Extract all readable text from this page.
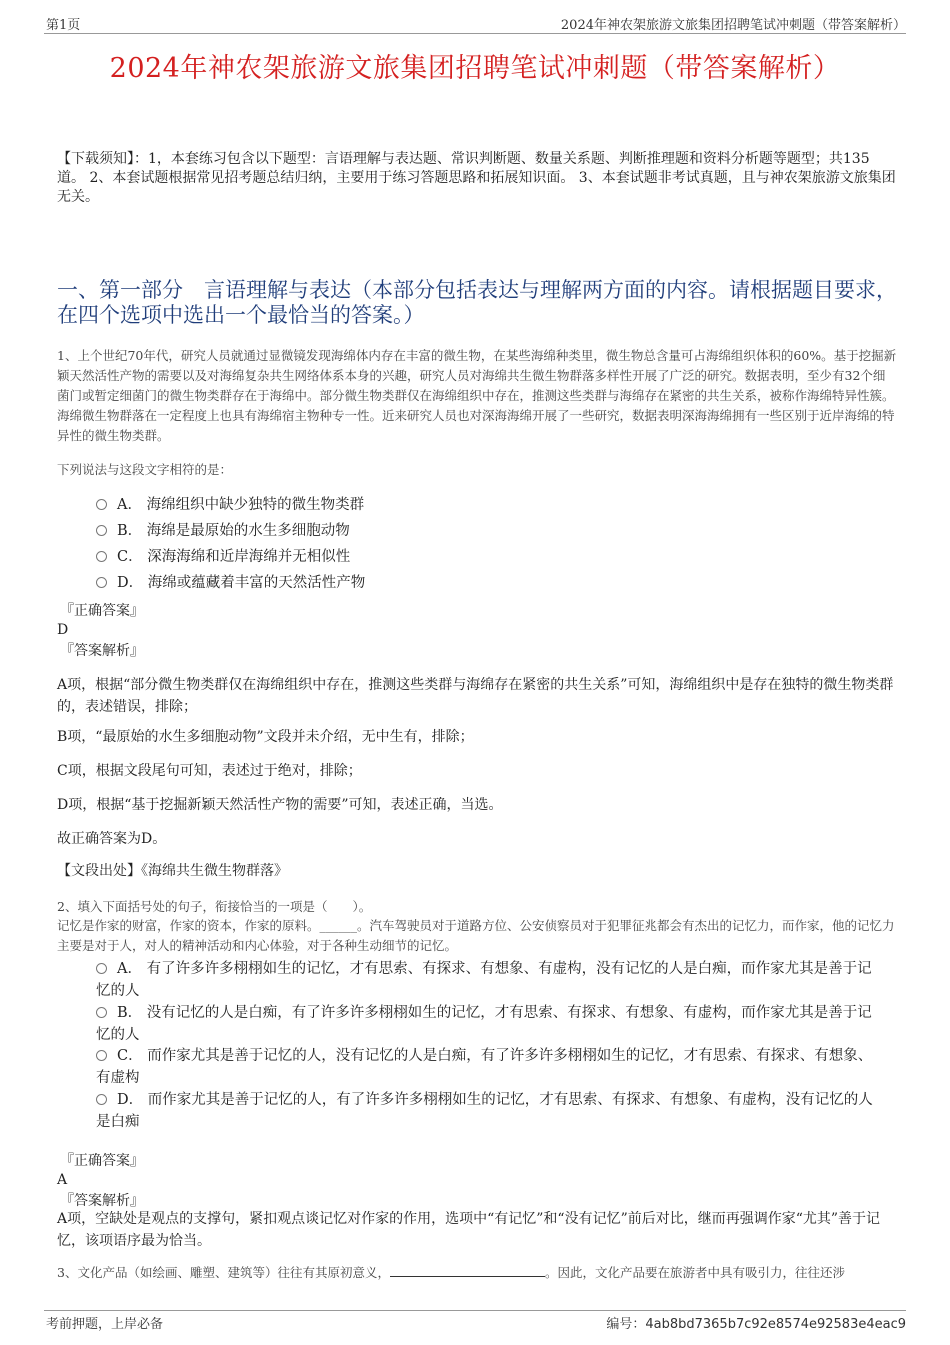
第1页	2024年神农架旅游文旅集团招聘笔试冲刺题（带答案解析）
2024年神农架旅游文旅集团招聘笔试冲刺题（带答案解析）
【下载须知】：1，本套练习包含以下题型：言语理解与表达题、常识判断题、数量关系题、判断推理题和资料分析题等题型；共135道。 2、本套试题根据常见招考题总结归纳，主要用于练习答题思路和拓展知识面。 3、本套试题非考试真题，且与神农架旅游文旅集团无关。
一、第一部分　言语理解与表达（本部分包括表达与理解两方面的内容。请根据题目要求，在四个选项中选出一个最恰当的答案。）
1、上个世纪70年代，研究人员就通过显微镜发现海绵体内存在丰富的微生物，在某些海绵种类里，微生物总含量可占海绵组织体积的60%。基于挖掘新颖天然活性产物的需要以及对海绵复杂共生网络体系本身的兴趣，研究人员对海绵共生微生物群落多样性开展了广泛的研究。数据表明，至少有32个细菌门或暂定细菌门的微生物类群存在于海绵中。部分微生物类群仅在海绵组织中存在，推测这些类群与海绵存在紧密的共生关系，被称作海绵特异性簇。海绵微生物群落在一定程度上也具有海绵宿主物种专一性。近来研究人员也对深海海绵开展了一些研究，数据表明深海海绵拥有一些区别于近岸海绵的特异性的微生物类群。
下列说法与这段文字相符的是：
A． 海绵组织中缺少独特的微生物类群
B． 海绵是最原始的水生多细胞动物
C． 深海海绵和近岸海绵并无相似性
D． 海绵或蕴藏着丰富的天然活性产物
『正确答案』
D
『答案解析』
A项，根据“部分微生物类群仅在海绵组织中存在，推测这些类群与海绵存在紧密的共生关系”可知，海绵组织中是存在独特的微生物类群的，表述错误，排除；
B项，“最原始的水生多细胞动物”文段并未介绍，无中生有，排除；
C项，根据文段尾句可知，表述过于绝对，排除；
D项，根据“基于挖掘新颖天然活性产物的需要”可知，表述正确，当选。
故正确答案为D。
【文段出处】《海绵共生微生物群落》
2、填入下面括号处的句子，衔接恰当的一项是（　　）。
记忆是作家的财富，作家的资本，作家的原料。______。汽车驾驶员对于道路方位、公安侦察员对于犯罪征兆都会有杰出的记忆力，而作家，他的记忆力主要是对于人，对人的精神活动和内心体验，对于各种生动细节的记忆。
A． 有了许多许多栩栩如生的记忆，才有思索、有探求、有想象、有虚构，没有记忆的人是白痴，而作家尤其是善于记忆的人
B． 没有记忆的人是白痴，有了许多许多栩栩如生的记忆，才有思索、有探求、有想象、有虚构，而作家尤其是善于记忆的人
C． 而作家尤其是善于记忆的人，没有记忆的人是白痴，有了许多许多栩栩如生的记忆，才有思索、有探求、有想象、有虚构
D． 而作家尤其是善于记忆的人，有了许多许多栩栩如生的记忆，才有思索、有探求、有想象、有虚构，没有记忆的人是白痴
『正确答案』
A
『答案解析』
A项，空缺处是观点的支撑句，紧扣观点谈记忆对作家的作用，选项中“有记忆”和“没有记忆”前后对比，继而再强调作家“尤其”善于记忆，该项语序最为恰当。
3、文化产品（如绘画、雕塑、建筑等）往往有其原初意义，	。因此，文化产品要在旅游者中具有吸引力，往往还涉
考前押题，上岸必备	编号：4ab8bd7365b7c92e8574e92583e4eac9
